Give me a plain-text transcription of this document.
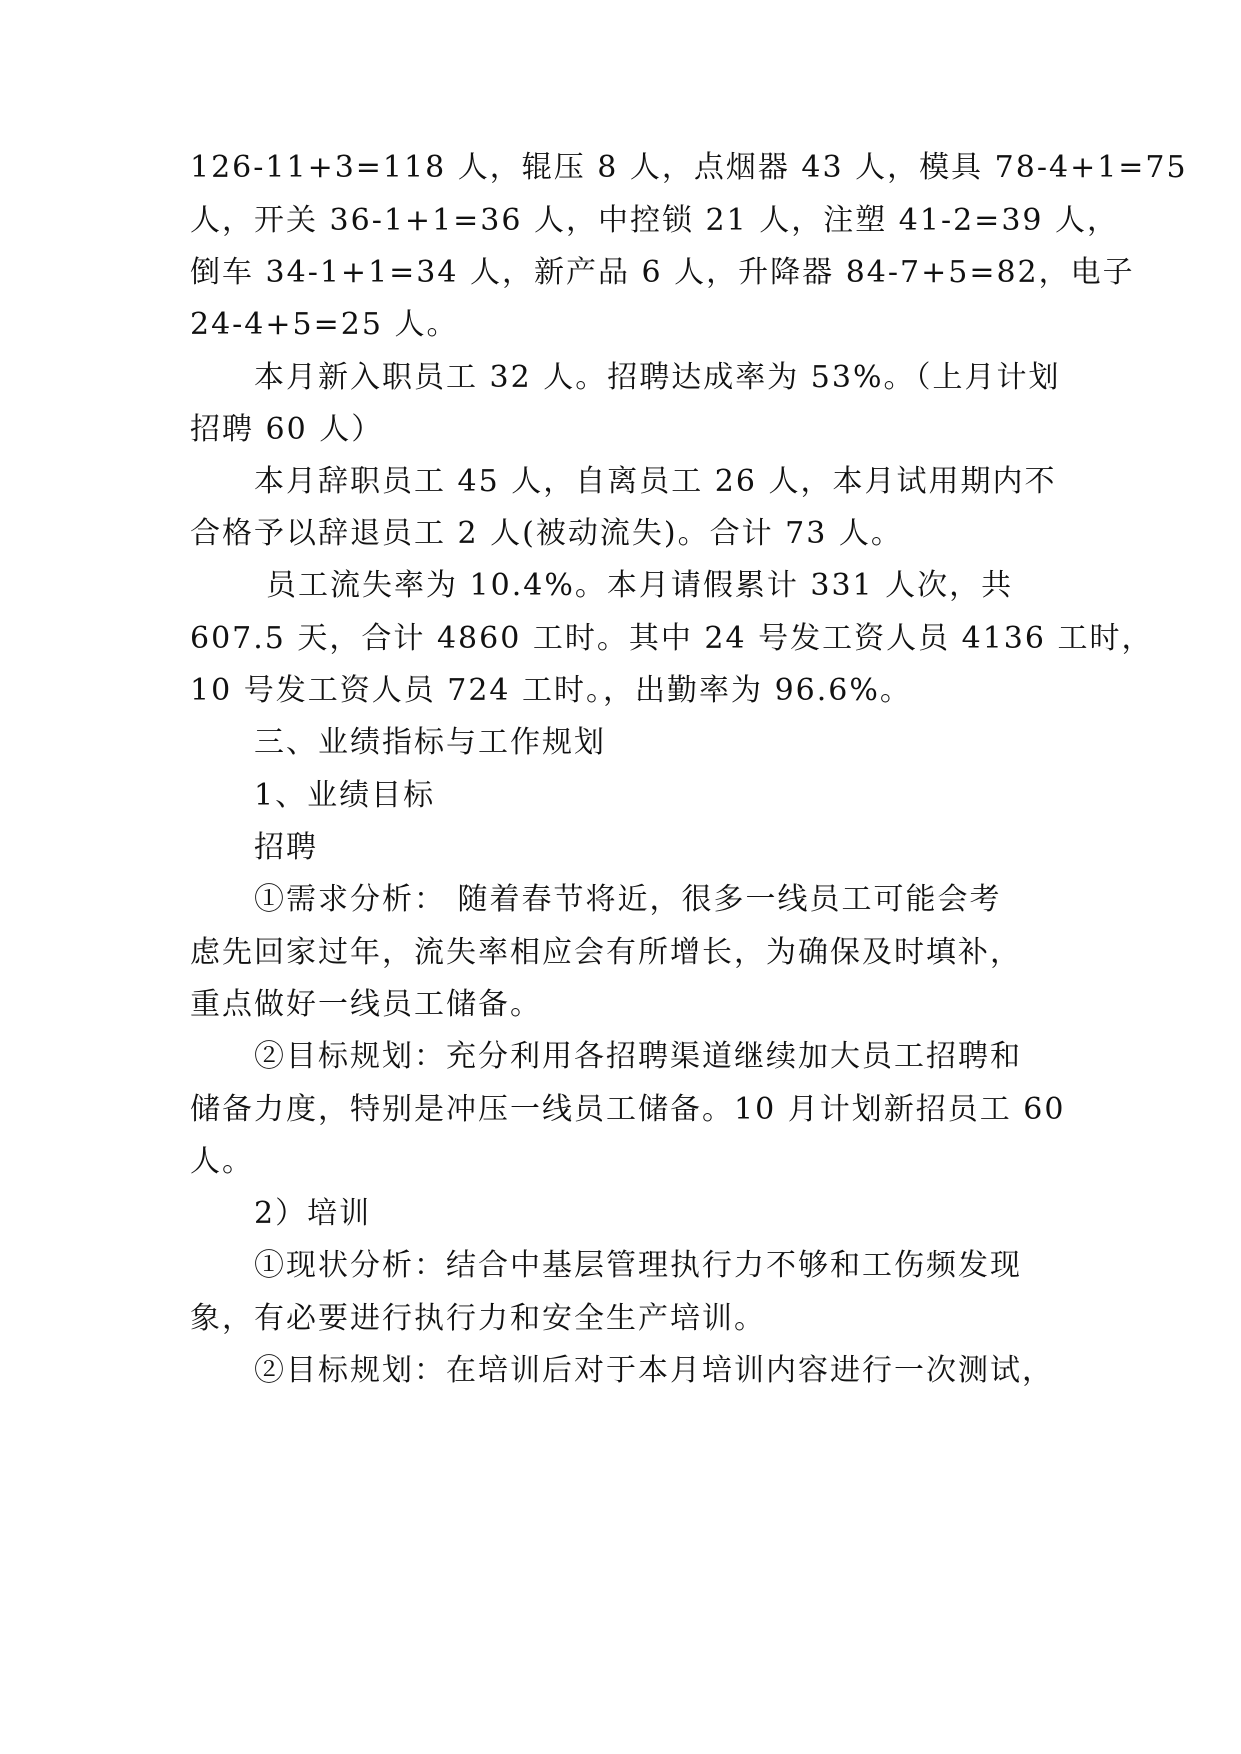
126-11+3=118 人，辊压 8 人，点烟器 43 人，模具 78-4+1=75
人，开关 36-1+1=36 人，中控锁 21 人，注塑 41-2=39 人，
倒车 34-1+1=34 人，新产品 6 人，升降器 84-7+5=82，电子
24-4+5=25 人。
本月新入职员工 32 人。招聘达成率为 53%。（上月计划
招聘 60 人）
本月辞职员工 45 人，自离员工 26 人，本月试用期内不
合格予以辞退员工 2 人(被动流失)。合计 73 人。
员工流失率为 10.4%。本月请假累计 331 人次，共
607.5 天，合计 4860 工时。其中 24 号发工资人员 4136 工时，
10 号发工资人员 724 工时。，出勤率为 96.6%。
三、业绩指标与工作规划
1、业绩目标
招聘
①需求分析： 随着春节将近，很多一线员工可能会考
虑先回家过年，流失率相应会有所增长，为确保及时填补，
重点做好一线员工储备。
②目标规划：充分利用各招聘渠道继续加大员工招聘和
储备力度，特别是冲压一线员工储备。10 月计划新招员工 60
人。
2）培训
①现状分析：结合中基层管理执行力不够和工伤频发现
象，有必要进行执行力和安全生产培训。
②目标规划：在培训后对于本月培训内容进行一次测试，
